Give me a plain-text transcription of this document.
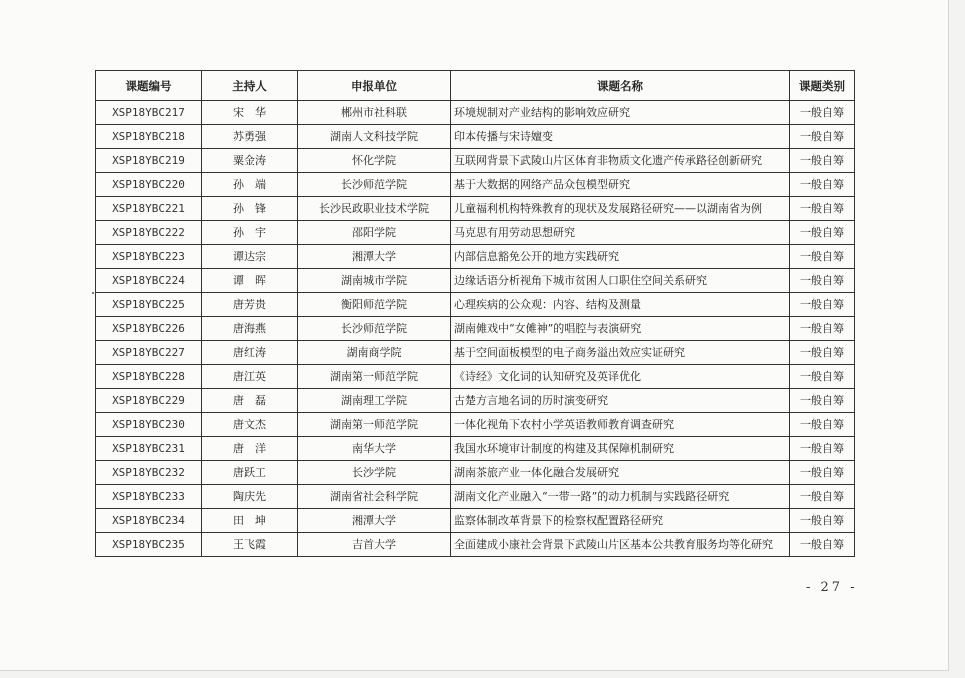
课题编号	主持人	申报单位	课题名称	课题类别
XSP18YBC217	宋　华	郴州市社科联	环境规制对产业结构的影响效应研究	一般自筹
XSP18YBC218	苏勇强	湖南人文科技学院	印本传播与宋诗嬗变	一般自筹
XSP18YBC219	粟金涛	怀化学院	互联网背景下武陵山片区体育非物质文化遗产传承路径创新研究	一般自筹
XSP18YBC220	孙　端	长沙师范学院	基于大数据的网络产品众包模型研究	一般自筹
XSP18YBC221	孙　锋	长沙民政职业技术学院	儿童福利机构特殊教育的现状及发展路径研究——以湖南省为例	一般自筹
XSP18YBC222	孙　宇	邵阳学院	马克思有用劳动思想研究	一般自筹
XSP18YBC223	谭达宗	湘潭大学	内部信息豁免公开的地方实践研究	一般自筹
XSP18YBC224	谭　晖	湖南城市学院	边缘话语分析视角下城市贫困人口职住空间关系研究	一般自筹
XSP18YBC225	唐芳贵	衡阳师范学院	心理疾病的公众观：内容、结构及测量	一般自筹
XSP18YBC226	唐海燕	长沙师范学院	湖南傩戏中“女傩神”的唱腔与表演研究	一般自筹
XSP18YBC227	唐红涛	湖南商学院	基于空间面板模型的电子商务溢出效应实证研究	一般自筹
XSP18YBC228	唐江英	湖南第一师范学院	《诗经》文化词的认知研究及英译优化	一般自筹
XSP18YBC229	唐　磊	湖南理工学院	古楚方言地名词的历时演变研究	一般自筹
XSP18YBC230	唐文杰	湖南第一师范学院	一体化视角下农村小学英语教师教育调查研究	一般自筹
XSP18YBC231	唐　洋	南华大学	我国水环境审计制度的构建及其保障机制研究	一般自筹
XSP18YBC232	唐跃工	长沙学院	湖南茶旅产业一体化融合发展研究	一般自筹
XSP18YBC233	陶庆先	湖南省社会科学院	湖南文化产业融入“一带一路”的动力机制与实践路径研究	一般自筹
XSP18YBC234	田　坤	湘潭大学	监察体制改革背景下的检察权配置路径研究	一般自筹
XSP18YBC235	王飞霞	吉首大学	全面建成小康社会背景下武陵山片区基本公共教育服务均等化研究	一般自筹
- 27 -
